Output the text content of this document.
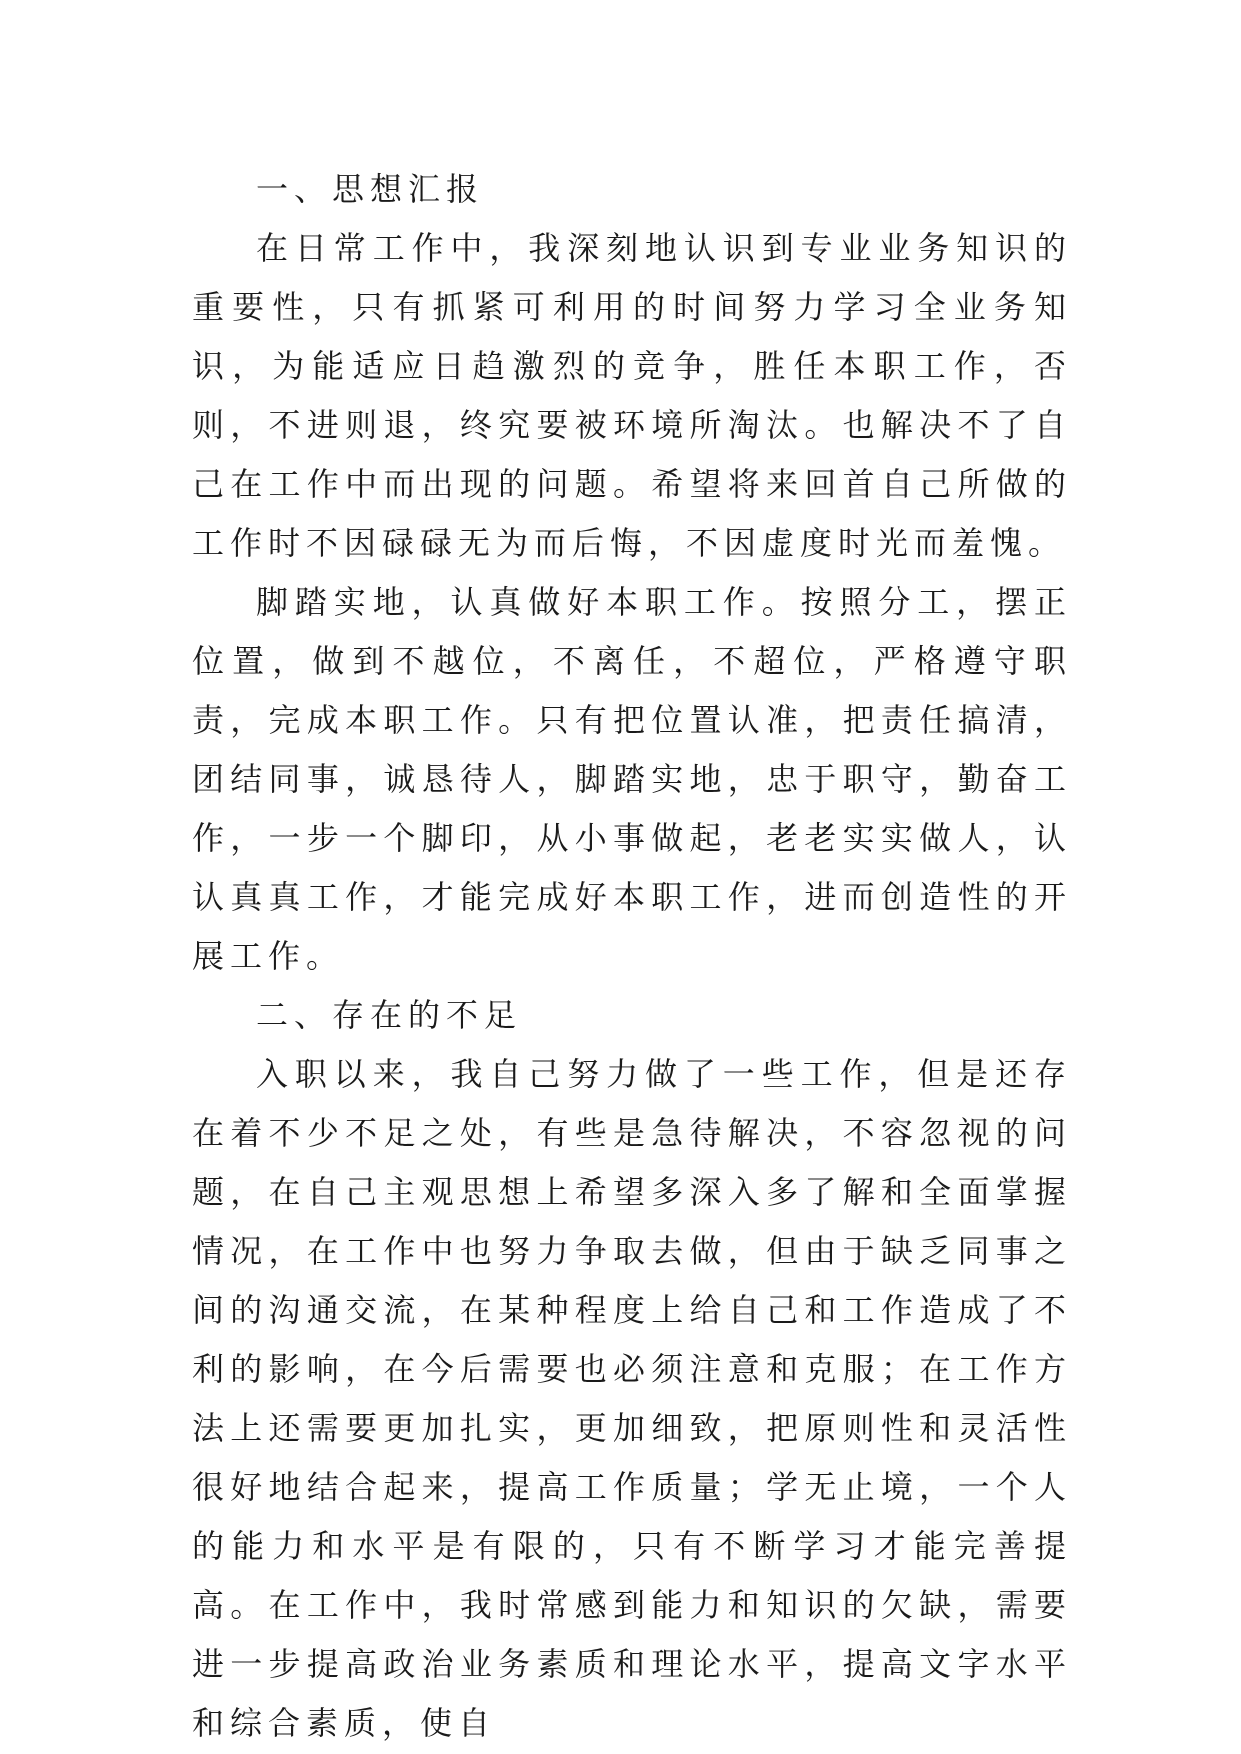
一、思想汇报

在日常工作中，我深刻地认识到专业业务知识的重要性，只有抓紧可利用的时间努力学习全业务知识，为能适应日趋激烈的竞争，胜任本职工作，否则，不进则退，终究要被环境所淘汰。也解决不了自己在工作中而出现的问题。希望将来回首自己所做的工作时不因碌碌无为而后悔，不因虚度时光而羞愧。

脚踏实地，认真做好本职工作。按照分工，摆正位置，做到不越位，不离任，不超位，严格遵守职责，完成本职工作。只有把位置认准，把责任搞清，团结同事，诚恳待人，脚踏实地，忠于职守，勤奋工作，一步一个脚印，从小事做起，老老实实做人，认认真真工作，才能完成好本职工作，进而创造性的开展工作。

二、存在的不足

入职以来，我自己努力做了一些工作，但是还存在着不少不足之处，有些是急待解决，不容忽视的问题，在自己主观思想上希望多深入多了解和全面掌握情况，在工作中也努力争取去做，但由于缺乏同事之间的沟通交流，在某种程度上给自己和工作造成了不利的影响，在今后需要也必须注意和克服；在工作方法上还需要更加扎实，更加细致，把原则性和灵活性很好地结合起来，提高工作质量；学无止境，一个人的能力和水平是有限的，只有不断学习才能完善提高。在工作中，我时常感到能力和知识的欠缺，需要进一步提高政治业务素质和理论水平，提高文字水平和综合素质，使自
